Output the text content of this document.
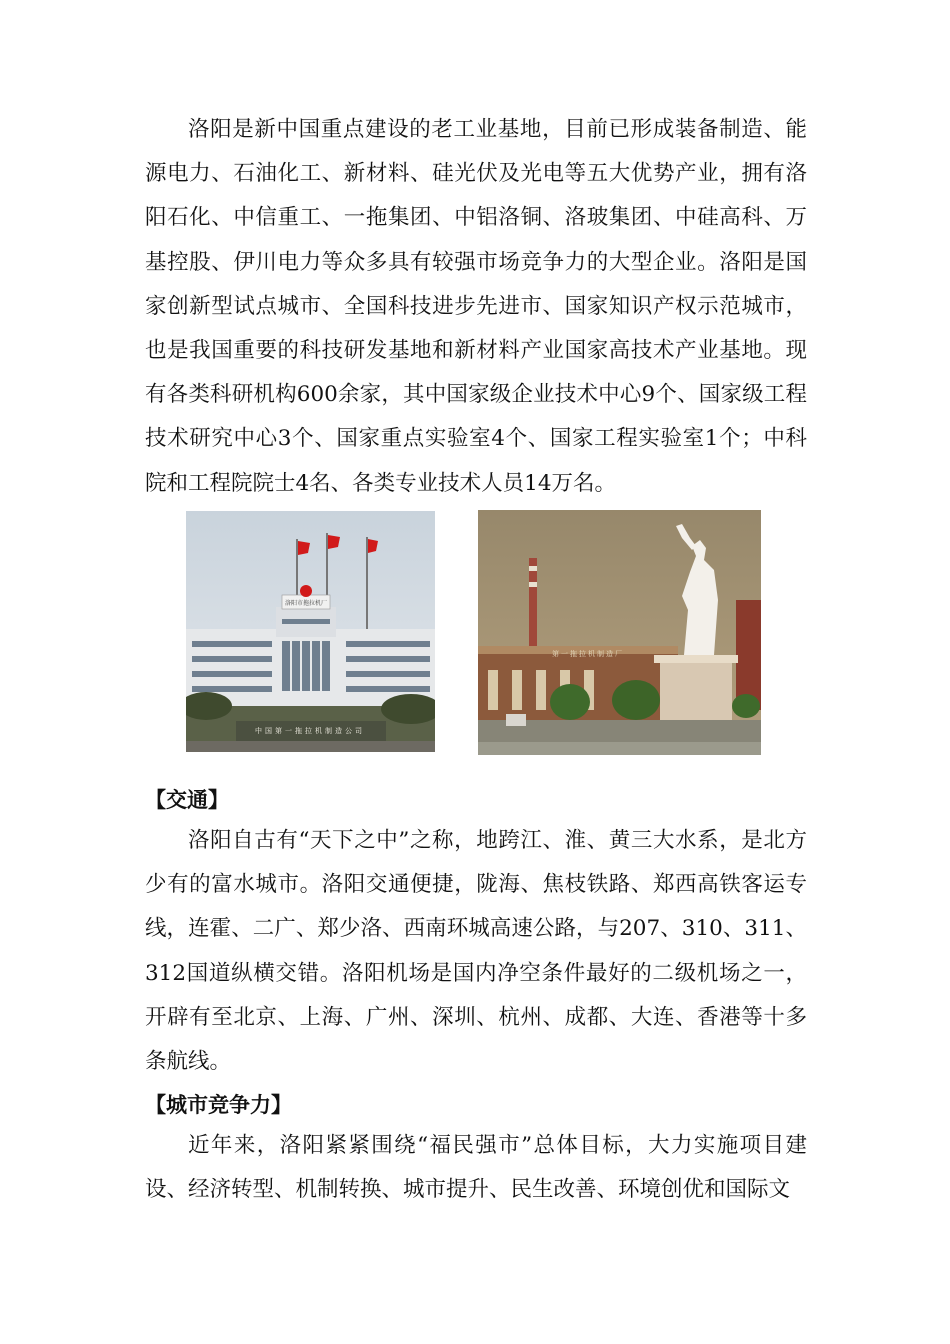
洛阳是新中国重点建设的老工业基地，目前已形成装备制造、能源电力、石油化工、新材料、硅光伏及光电等五大优势产业，拥有洛阳石化、中信重工、一拖集团、中铝洛铜、洛玻集团、中硅高科、万基控股、伊川电力等众多具有较强市场竞争力的大型企业。洛阳是国家创新型试点城市、全国科技进步先进市、国家知识产权示范城市，也是我国重要的科技研发基地和新材料产业国家高技术产业基地。现有各类科研机构600余家，其中国家级企业技术中心9个、国家级工程技术研究中心3个、国家重点实验室4个、国家工程实验室1个；中科院和工程院院士4名、各类专业技术人员14万名。

洛阳市拖拉机厂
中国第一拖拉机制造公司
第一拖拉机制造厂

【交通】

洛阳自古有“天下之中”之称，地跨江、淮、黄三大水系，是北方少有的富水城市。洛阳交通便捷，陇海、焦枝铁路、郑西高铁客运专线，连霍、二广、郑少洛、西南环城高速公路，与207、310、311、312国道纵横交错。洛阳机场是国内净空条件最好的二级机场之一，开辟有至北京、上海、广州、深圳、杭州、成都、大连、香港等十多条航线。

【城市竞争力】

近年来，洛阳紧紧围绕“福民强市”总体目标，大力实施项目建设、经济转型、机制转换、城市提升、民生改善、环境创优和国际文
